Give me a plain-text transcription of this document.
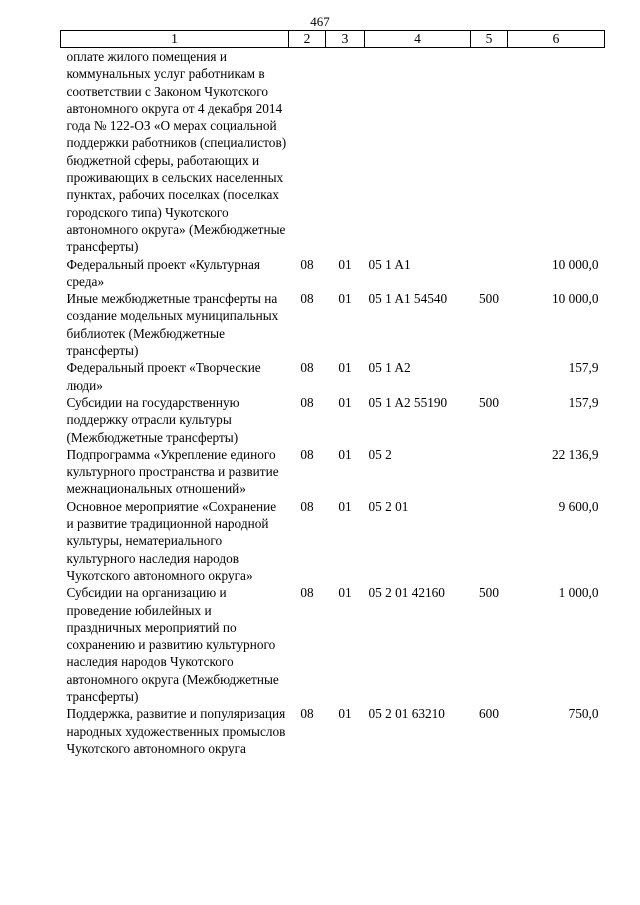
467
1	2	3	4	5	6
оплате жилого помещения и коммунальных услуг работникам в соответствии с Законом Чукотского автономного округа от 4 декабря 2014 года № 122-ОЗ «О мерах социальной поддержки работников (специалистов) бюджетной сферы, работающих и проживающих в сельских населенных пунктах, рабочих поселках (поселках городского типа) Чукотского автономного округа» (Межбюджетные трансферты)					
Федеральный проект «Культурная среда»	08	01	05 1 A1		10 000,0
Иные межбюджетные трансферты на создание модельных муниципальных библиотек (Межбюджетные трансферты)	08	01	05 1 A1 54540	500	10 000,0
Федеральный проект «Творческие люди»	08	01	05 1 A2		157,9
Субсидии на государственную поддержку отрасли культуры (Межбюджетные трансферты)	08	01	05 1 A2 55190	500	157,9
Подпрограмма «Укрепление единого культурного пространства и развитие межнациональных отношений»	08	01	05 2		22 136,9
Основное мероприятие «Сохранение и развитие традиционной народной культуры, нематериального культурного наследия народов Чукотского автономного округа»	08	01	05 2 01		9 600,0
Субсидии на организацию и проведение юбилейных и праздничных мероприятий по сохранению и развитию культурного наследия народов Чукотского автономного округа (Межбюджетные трансферты)	08	01	05 2 01 42160	500	1 000,0
Поддержка, развитие и популяризация народных художественных промыслов Чукотского автономного округа	08	01	05 2 01 63210	600	750,0
